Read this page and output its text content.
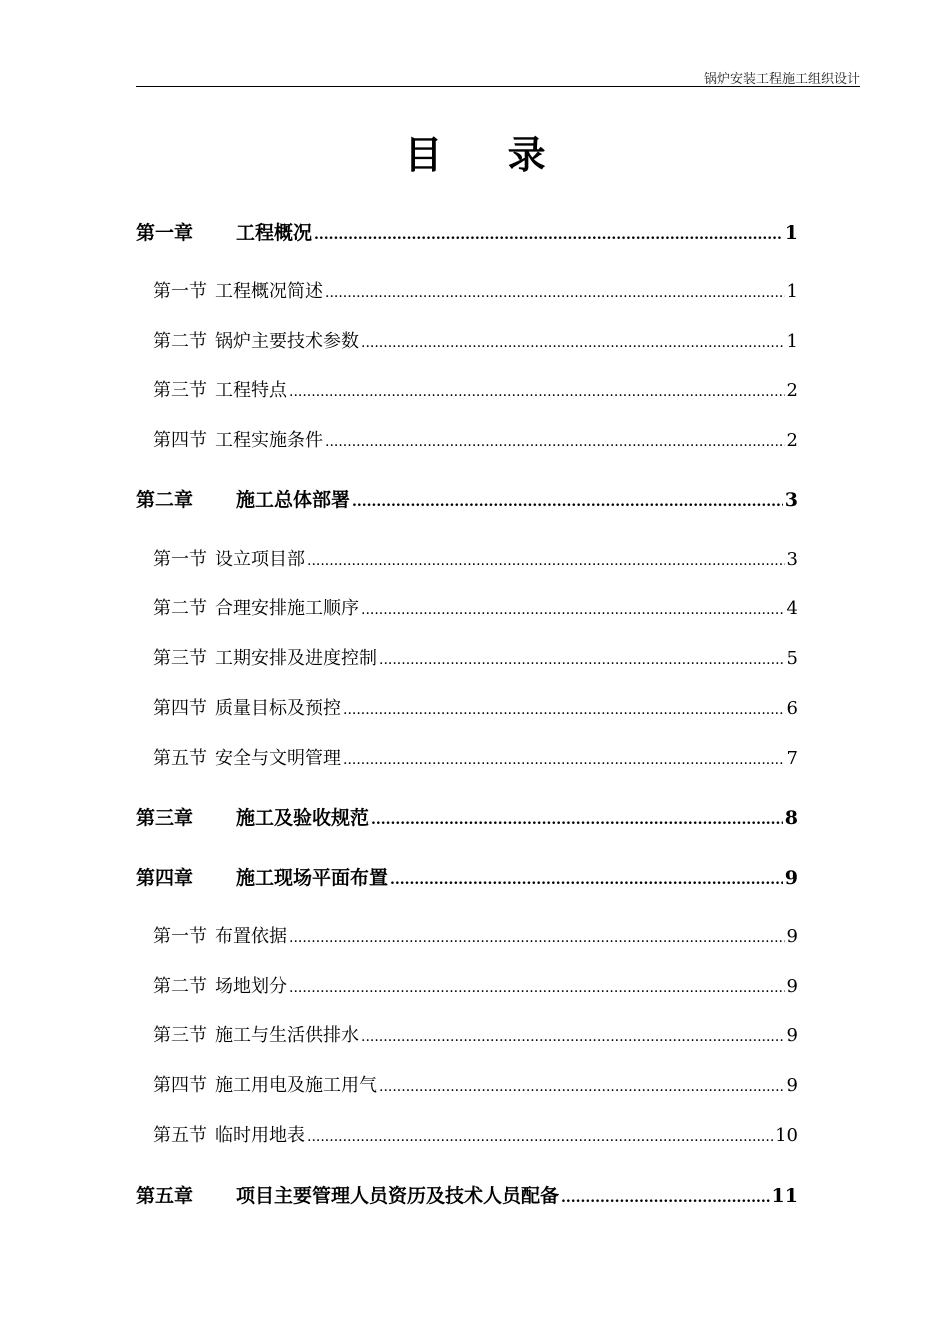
锅炉安装工程施工组织设计
目 录
第一章	工程概况 .....	1
第一节 工程概况简述 .....	1
第二节 锅炉主要技术参数 .....	1
第三节 工程特点 .....	2
第四节 工程实施条件 .....	2
第二章	施工总体部署 .....	3
第一节 设立项目部 .....	3
第二节 合理安排施工顺序 .....	4
第三节 工期安排及进度控制 .....	5
第四节 质量目标及预控 .....	6
第五节 安全与文明管理 .....	7
第三章	施工及验收规范 .....	8
第四章	施工现场平面布置 .....	9
第一节 布置依据 .....	9
第二节 场地划分 .....	9
第三节 施工与生活供排水 .....	9
第四节 施工用电及施工用气 .....	9
第五节 临时用地表 .....	10
第五章	项目主要管理人员资历及技术人员配备 .....	11
